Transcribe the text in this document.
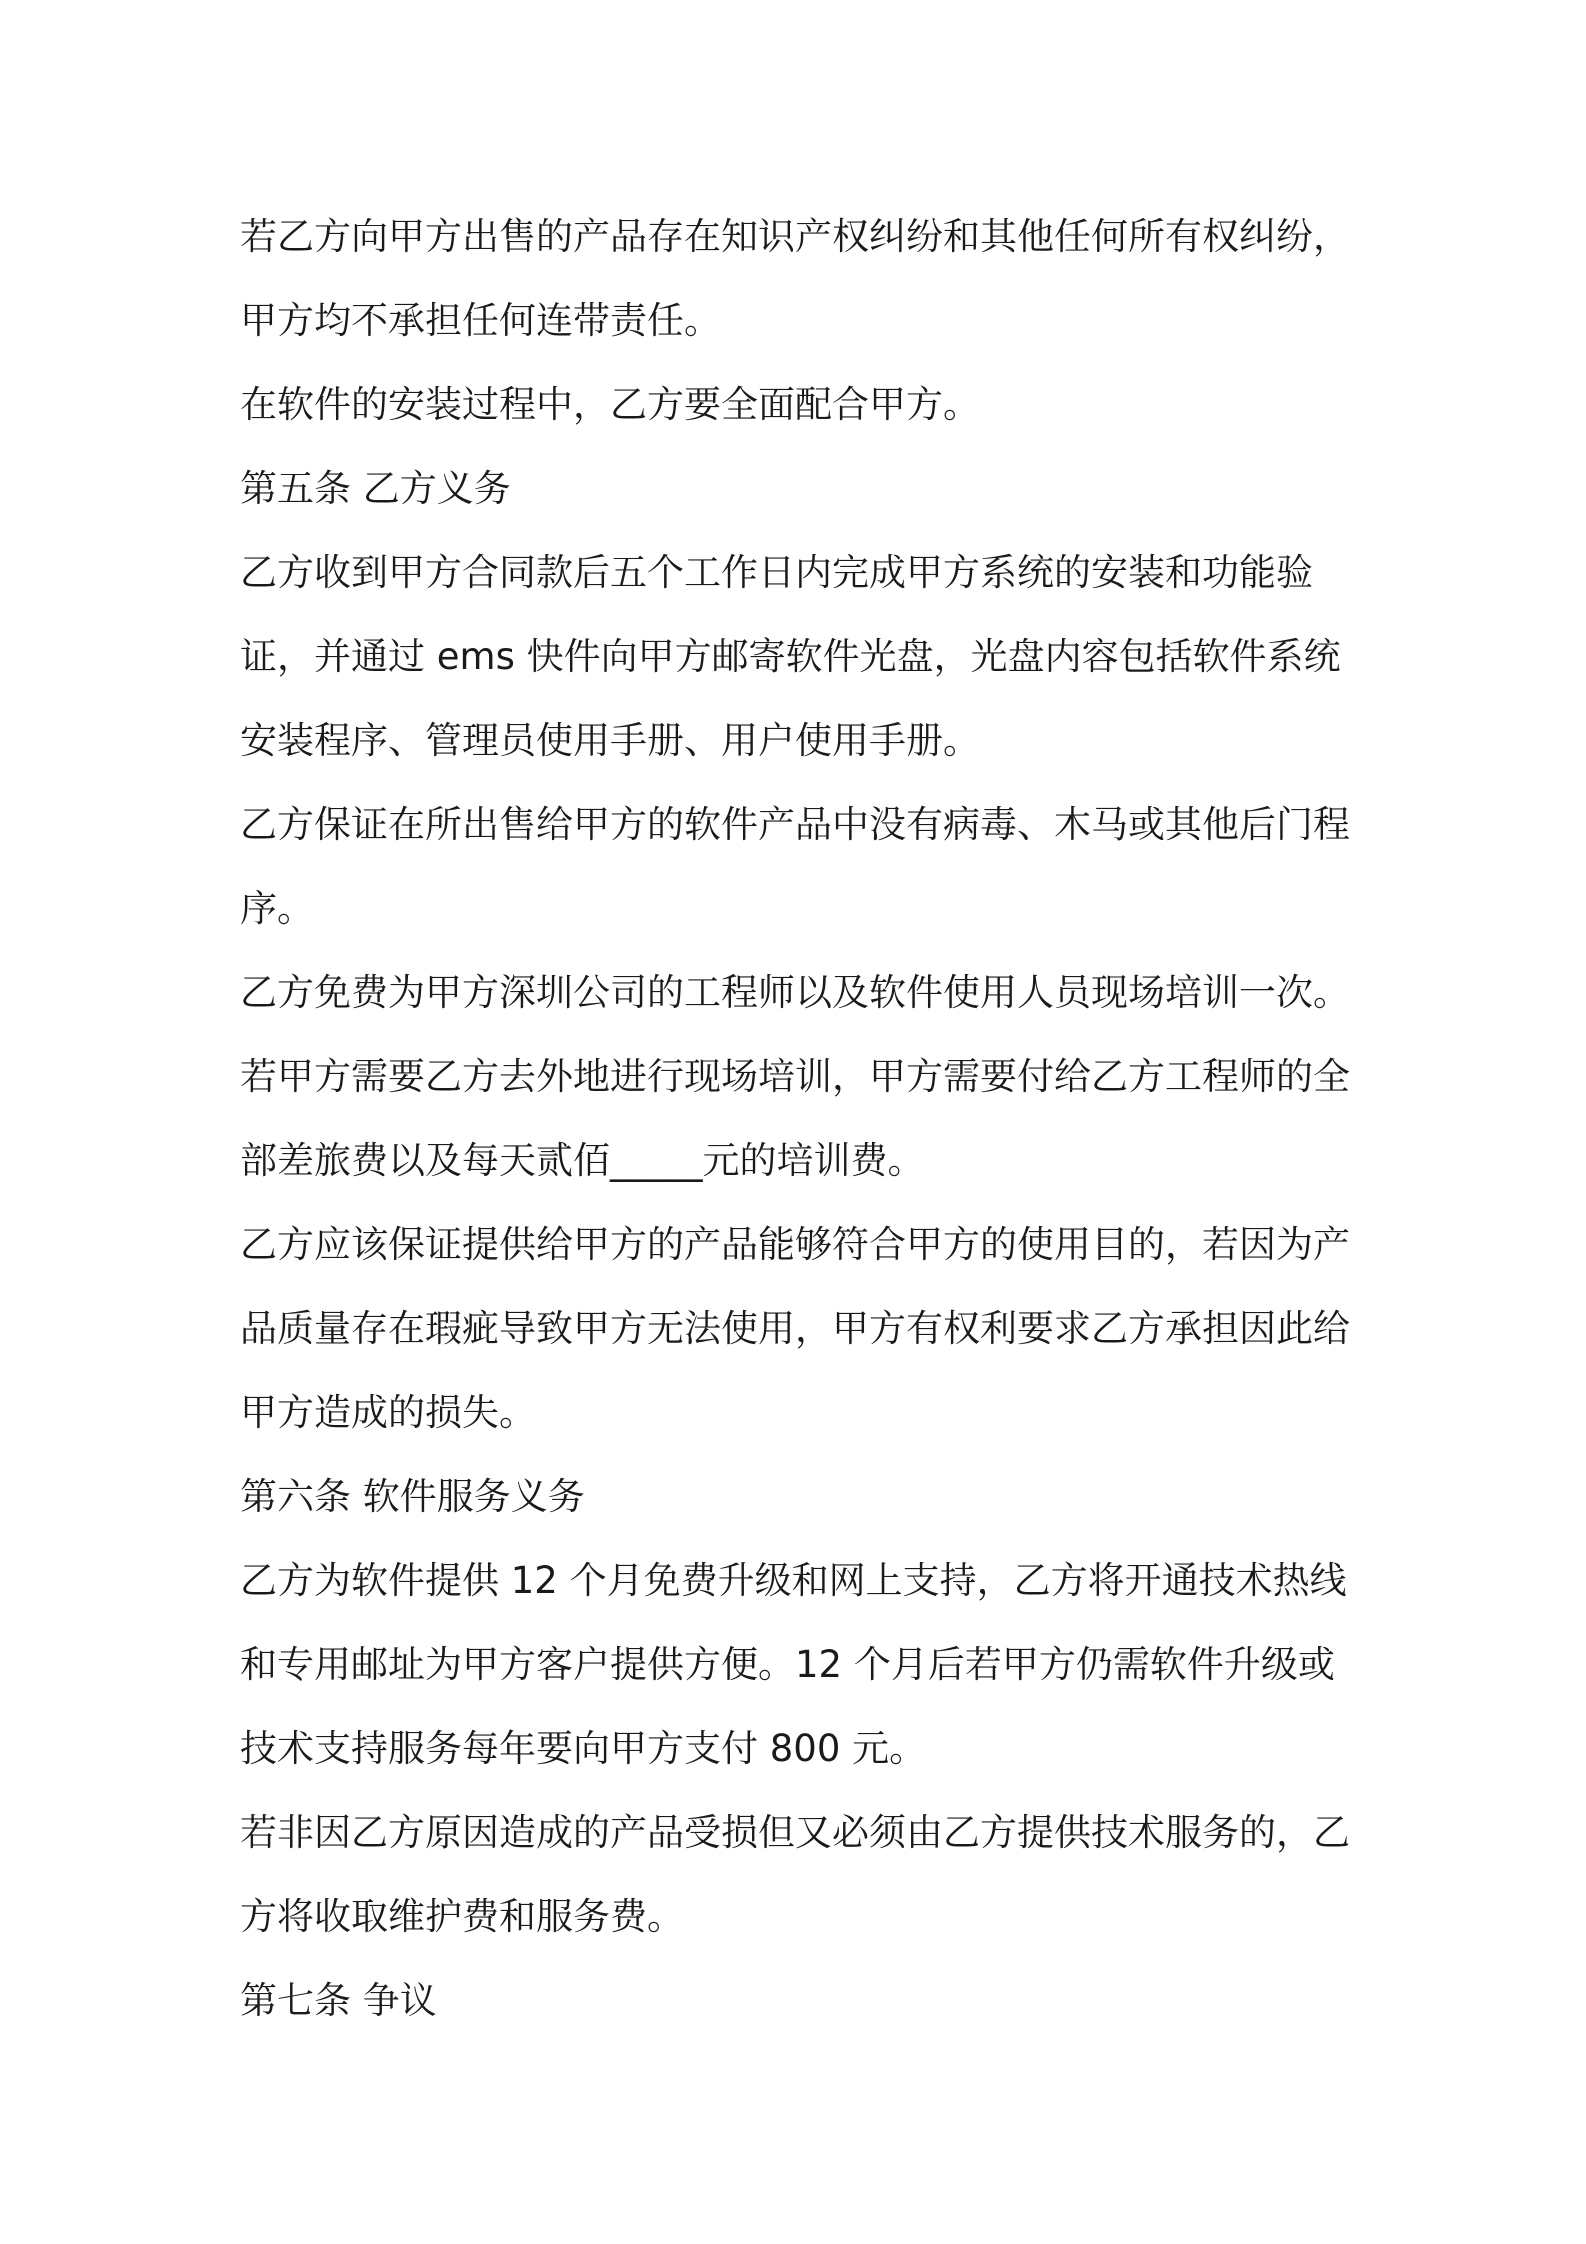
若乙方向甲方出售的产品存在知识产权纠纷和其他任何所有权纠纷，甲方均不承担任何连带责任。

在软件的安装过程中，乙方要全面配合甲方。

第五条 乙方义务

乙方收到甲方合同款后五个工作日内完成甲方系统的安装和功能验证，并通过 ems 快件向甲方邮寄软件光盘，光盘内容包括软件系统安装程序、管理员使用手册、用户使用手册。

乙方保证在所出售给甲方的软件产品中没有病毒、木马或其他后门程序。

乙方免费为甲方深圳公司的工程师以及软件使用人员现场培训一次。

若甲方需要乙方去外地进行现场培训，甲方需要付给乙方工程师的全部差旅费以及每天贰佰_____元的培训费。

乙方应该保证提供给甲方的产品能够符合甲方的使用目的，若因为产品质量存在瑕疵导致甲方无法使用，甲方有权利要求乙方承担因此给甲方造成的损失。

第六条 软件服务义务

乙方为软件提供 12 个月免费升级和网上支持，乙方将开通技术热线和专用邮址为甲方客户提供方便。12 个月后若甲方仍需软件升级或技术支持服务每年要向甲方支付 800 元。

若非因乙方原因造成的产品受损但又必须由乙方提供技术服务的，乙方将收取维护费和服务费。

第七条 争议
